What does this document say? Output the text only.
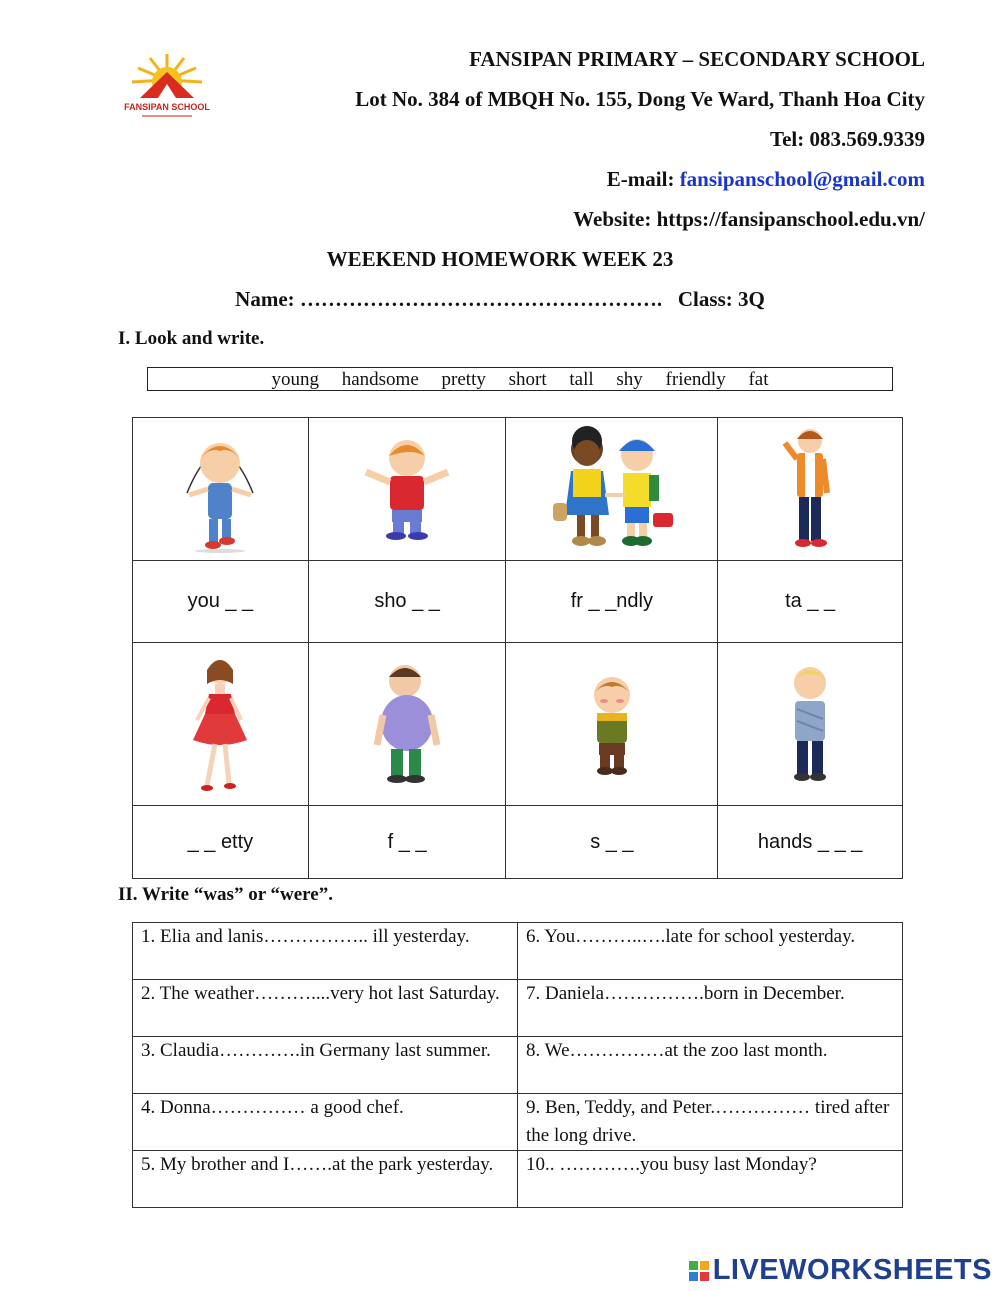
FANSIPAN SCHOOL
FANSIPAN PRIMARY – SECONDARY SCHOOL
Lot No. 384 of MBQH No. 155, Dong Ve Ward, Thanh Hoa City
Tel: 083.569.9339
E-mail: fansipanschool@gmail.com
Website: https://fansipanschool.edu.vn/
WEEKEND HOMEWORK WEEK 23
Name: …………………………………………….   Class: 3Q
I. Look and write.
young handsome pretty short tall shy friendly fat

you _ _	sho _ _	fr _ _ndly	ta _ _

_ _ etty	f _ _	s _ _	hands _ _ _
II. Write “was” or “were”.
1. Elia and lanis…………….. ill yesterday.	6. You………..….late for school yesterday.
2. The weather………....very hot last Saturday.	7. Daniela…………….born in December.
3. Claudia………….in Germany last summer.	8. We……………at the zoo last month.
4. Donna…………… a good chef.	9. Ben, Teddy, and Peter.…………… tired after the long drive.
5. My brother and I…….at the park yesterday.	10.. ………….you busy last Monday?
LIVEWORKSHEETS
